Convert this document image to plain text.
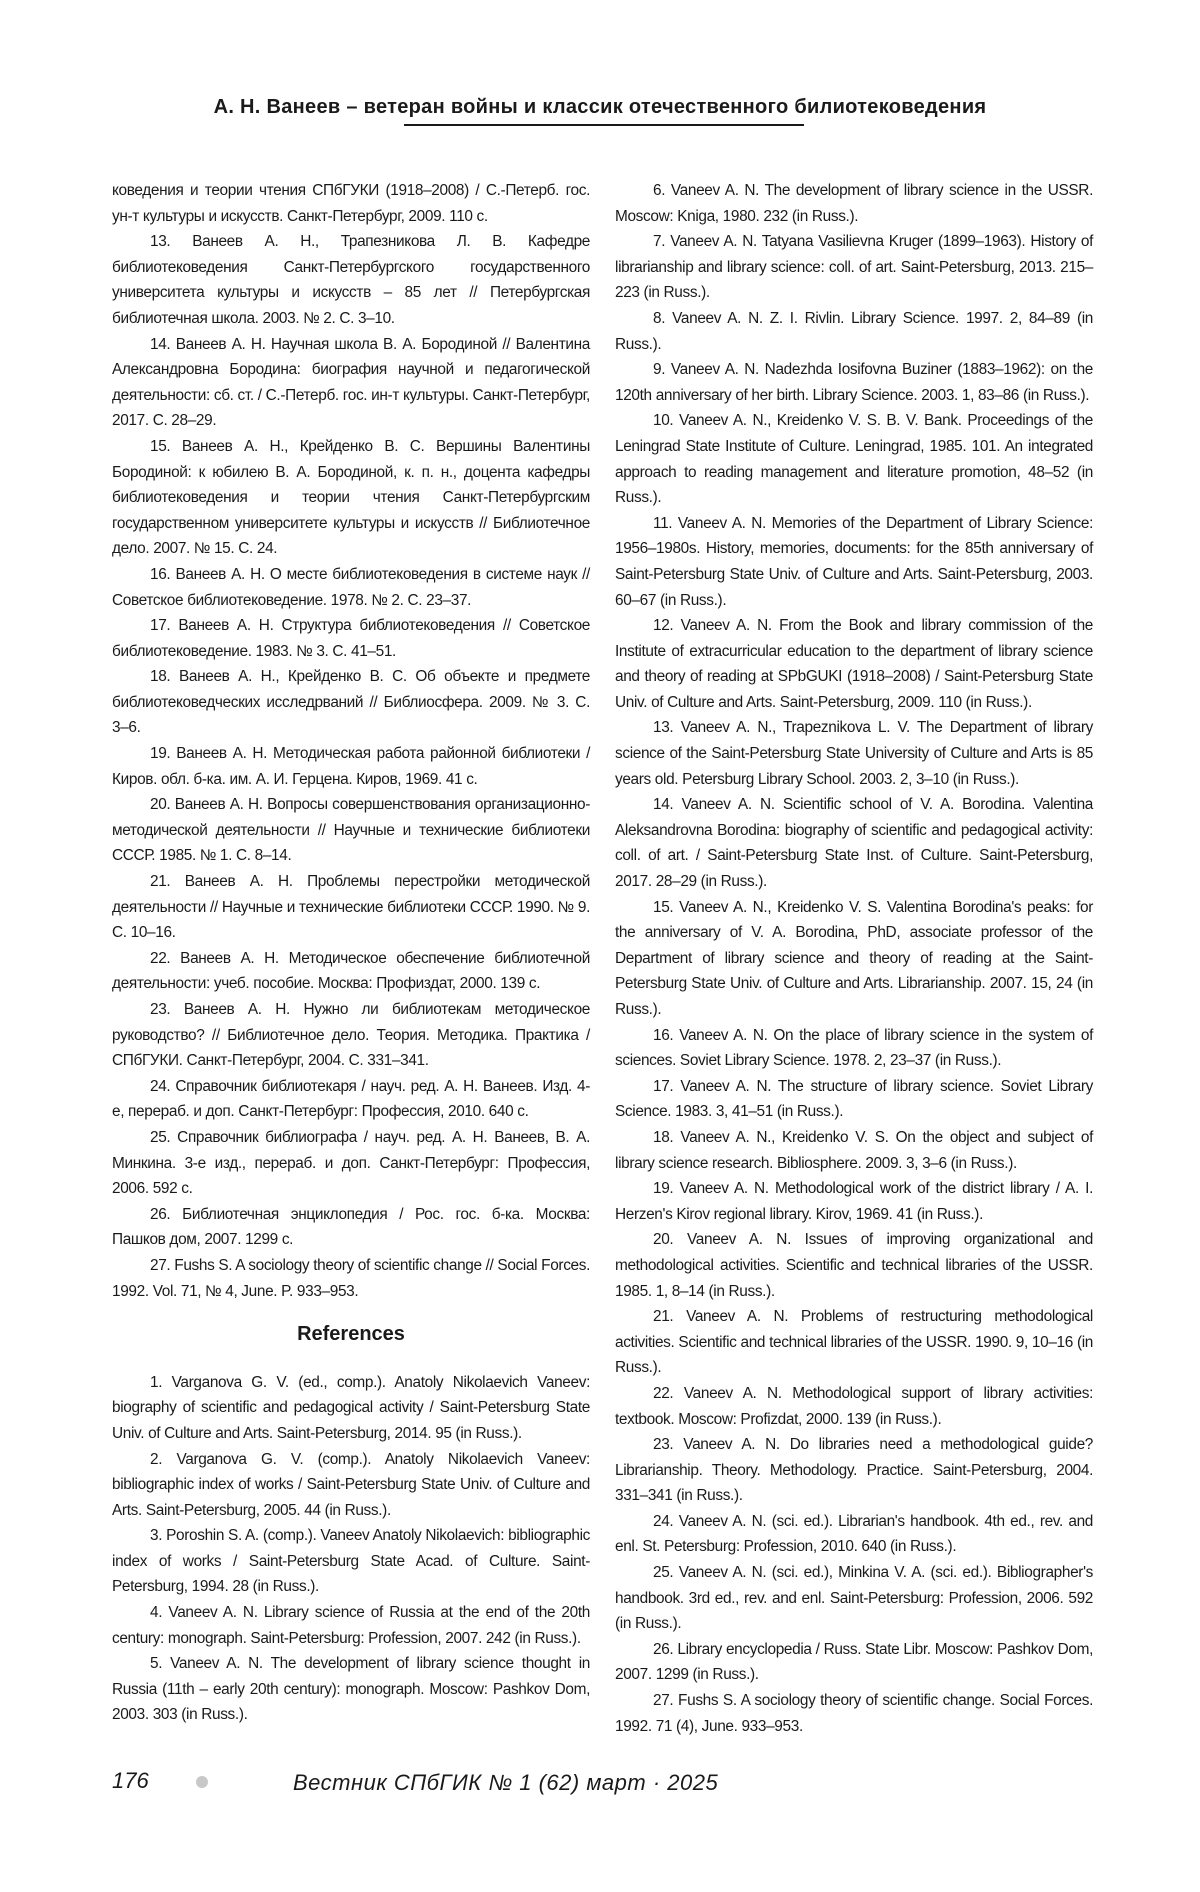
А. Н. Ванеев – ветеран войны и классик отечественного билиотековедения

коведения и теории чтения СПбГУКИ (1918–2008) / С.-Петерб. гос. ун-т культуры и искусств. Санкт-Петербург, 2009. 110 с.

13. Ванеев А. Н., Трапезникова Л. В. Кафедре библиотековедения Санкт-Петербургского государственного университета культуры и искусств – 85 лет // Петербургская библиотечная школа. 2003. № 2. С. 3–10.

14. Ванеев А. Н. Научная школа В. А. Бородиной // Валентина Александровна Бородина: биография научной и педагогической деятельности: сб. ст. / С.-Петерб. гос. ин-т культуры. Санкт-Петербург, 2017. С. 28–29.

15. Ванеев А. Н., Крейденко В. С. Вершины Валентины Бородиной: к юбилею В. А. Бородиной, к. п. н., доцента кафедры библиотековедения и теории чтения Санкт-Петербургским государственном университете культуры и искусств // Библиотечное дело. 2007. № 15. С. 24.

16. Ванеев А. Н. О месте библиотековедения в системе наук // Советское библиотековедение. 1978. № 2. С. 23–37.

17. Ванеев А. Н. Структура библиотековедения // Советское библиотековедение. 1983. № 3. С. 41–51.

18. Ванеев А. Н., Крейденко В. С. Об объекте и предмете библиотековедческих исследрваний // Библиосфера. 2009. № 3. С. 3–6.

19. Ванеев А. Н. Методическая работа районной библиотеки / Киров. обл. б-ка. им. А. И. Герцена. Киров, 1969. 41 с.

20. Ванеев А. Н. Вопросы совершенствования организационно-методической деятельности // Научные и технические библиотеки СССР. 1985. № 1. С. 8–14.

21. Ванеев А. Н. Проблемы перестройки методической деятельности // Научные и технические библиотеки СССР. 1990. № 9. С. 10–16.

22. Ванеев А. Н. Методическое обеспечение библиотечной деятельности: учеб. пособие. Москва: Профиздат, 2000. 139 с.

23. Ванеев А. Н. Нужно ли библиотекам методическое руководство? // Библиотечное дело. Теория. Методика. Практика / СПбГУКИ. Санкт-Петербург, 2004. С. 331–341.

24. Справочник библиотекаря / науч. ред. А. Н. Ванеев. Изд. 4-е, перераб. и доп. Санкт-Петербург: Профессия, 2010. 640 с.

25. Справочник библиографа / науч. ред. А. Н. Ванеев, В. А. Минкина. 3-е изд., перераб. и доп. Санкт-Петербург: Профессия, 2006. 592 с.

26. Библиотечная энциклопедия / Рос. гос. б-ка. Москва: Пашков дом, 2007. 1299 с.

27. Fushs S. A sociology theory of scientific change // Social Forces. 1992. Vol. 71, № 4, June. P. 933–953.

References

1. Varganova G. V. (ed., comp.). Anatoly Nikolaevich Vaneev: biography of scientific and pedagogical activity / Saint-Petersburg State Univ. of Culture and Arts. Saint-Petersburg, 2014. 95 (in Russ.).

2. Varganova G. V. (comp.). Anatoly Nikolaevich Vaneev: bibliographic index of works / Saint-Petersburg State Univ. of Culture and Arts. Saint-Petersburg, 2005. 44 (in Russ.).

3. Poroshin S. A. (comp.). Vaneev Anatoly Nikolaevich: bibliographic index of works / Saint-Petersburg State Acad. of Culture. Saint-Petersburg, 1994. 28 (in Russ.).

4. Vaneev A. N. Library science of Russia at the end of the 20th century: monograph. Saint-Petersburg: Profession, 2007. 242 (in Russ.).

5. Vaneev A. N. The development of library science thought in Russia (11th – early 20th century): monograph. Moscow: Pashkov Dom, 2003. 303 (in Russ.).

6. Vaneev A. N. The development of library science in the USSR. Moscow: Kniga, 1980. 232 (in Russ.).

7. Vaneev A. N. Tatyana Vasilievna Kruger (1899–1963). History of librarianship and library science: coll. of art. Saint-Petersburg, 2013. 215–223 (in Russ.).

8. Vaneev A. N. Z. I. Rivlin. Library Science. 1997. 2, 84–89 (in Russ.).

9. Vaneev A. N. Nadezhda Iosifovna Buziner (1883–1962): on the 120th anniversary of her birth. Library Science. 2003. 1, 83–86 (in Russ.).

10. Vaneev A. N., Kreidenko V. S. B. V. Bank. Proceedings of the Leningrad State Institute of Culture. Leningrad, 1985. 101. An integrated approach to reading management and literature promotion, 48–52 (in Russ.).

11. Vaneev A. N. Memories of the Department of Library Science: 1956–1980s. History, memories, documents: for the 85th anniversary of Saint-Petersburg State Univ. of Culture and Arts. Saint-Petersburg, 2003. 60–67 (in Russ.).

12. Vaneev A. N. From the Book and library commission of the Institute of extracurricular education to the department of library science and theory of reading at SPbGUKI (1918–2008) / Saint-Petersburg State Univ. of Culture and Arts. Saint-Petersburg, 2009. 110 (in Russ.).

13. Vaneev A. N., Trapeznikova L. V. The Department of library science of the Saint-Petersburg State University of Culture and Arts is 85 years old. Petersburg Library School. 2003. 2, 3–10 (in Russ.).

14. Vaneev A. N. Scientific school of V. A. Borodina. Valentina Aleksandrovna Borodina: biography of scientific and pedagogical activity: coll. of art. / Saint-Petersburg State Inst. of Culture. Saint-Petersburg, 2017. 28–29 (in Russ.).

15. Vaneev A. N., Kreidenko V. S. Valentina Borodina's peaks: for the anniversary of V. A. Borodina, PhD, associate professor of the Department of library science and theory of reading at the Saint-Petersburg State Univ. of Culture and Arts. Librarianship. 2007. 15, 24 (in Russ.).

16. Vaneev A. N. On the place of library science in the system of sciences. Soviet Library Science. 1978. 2, 23–37 (in Russ.).

17. Vaneev A. N. The structure of library science. Soviet Library Science. 1983. 3, 41–51 (in Russ.).

18. Vaneev A. N., Kreidenko V. S. On the object and subject of library science research. Bibliosphere. 2009. 3, 3–6 (in Russ.).

19. Vaneev A. N. Methodological work of the district library / A. I. Herzen's Kirov regional library. Kirov, 1969. 41 (in Russ.).

20. Vaneev A. N. Issues of improving organizational and methodological activities. Scientific and technical libraries of the USSR. 1985. 1, 8–14 (in Russ.).

21. Vaneev A. N. Problems of restructuring methodological activities. Scientific and technical libraries of the USSR. 1990. 9, 10–16 (in Russ.).

22. Vaneev A. N. Methodological support of library activities: textbook. Moscow: Profizdat, 2000. 139 (in Russ.).

23. Vaneev A. N. Do libraries need a methodological guide? Librarianship. Theory. Methodology. Practice. Saint-Petersburg, 2004. 331–341 (in Russ.).

24. Vaneev A. N. (sci. ed.). Librarian's handbook. 4th ed., rev. and enl. St. Petersburg: Profession, 2010. 640 (in Russ.).

25. Vaneev A. N. (sci. ed.), Minkina V. A. (sci. ed.). Bibliographer's handbook. 3rd ed., rev. and enl. Saint-Petersburg: Profession, 2006. 592 (in Russ.).

26. Library encyclopedia / Russ. State Libr. Moscow: Pashkov Dom, 2007. 1299 (in Russ.).

27. Fushs S. A sociology theory of scientific change. Social Forces. 1992. 71 (4), June. 933–953.

176	Вестник СПбГИК № 1 (62) март · 2025
